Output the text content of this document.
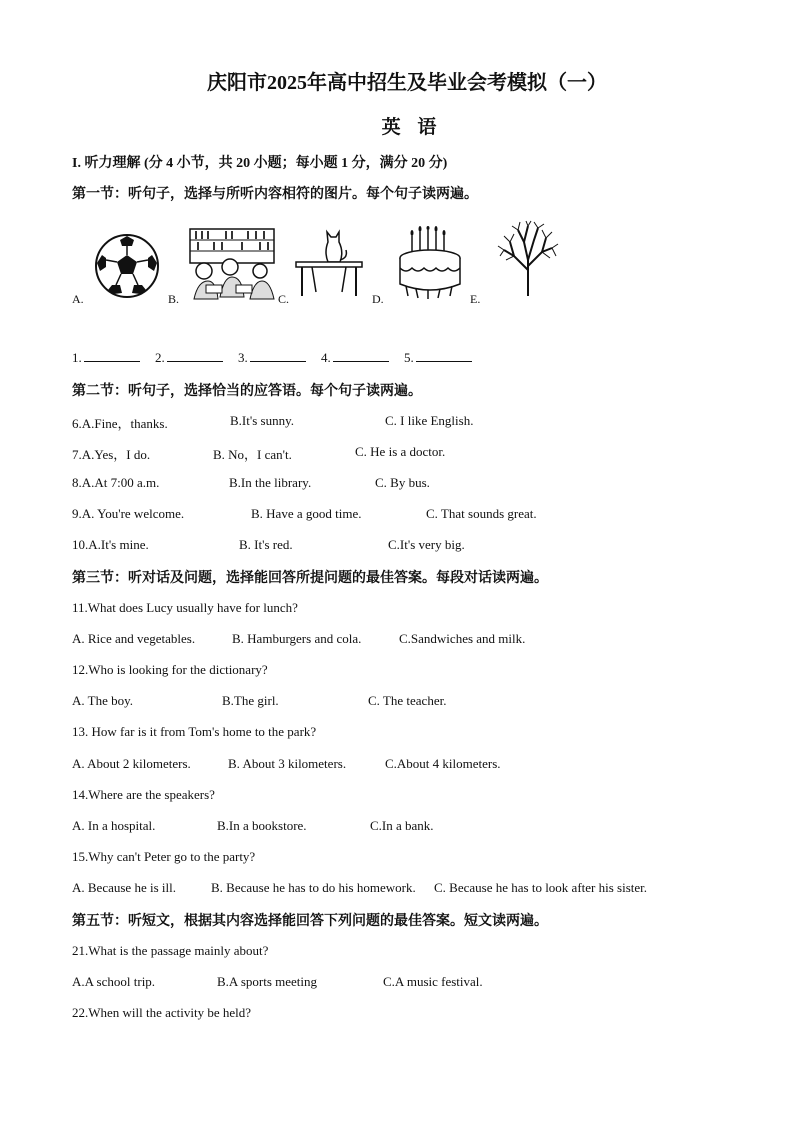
庆阳市2025年高中招生及毕业会考模拟（一）
英 语
I. 听力理解 (分 4 小节，共 20 小题；每小题 1 分，满分 20 分)
第一节：听句子，选择与所听内容相符的图片。每个句子读两遍。
A.	B.	C.	D.	E.
1.	2.	3.	4.	5.
第二节：听句子，选择恰当的应答语。每个句子读两遍。
6.A.Fine，thanks.	B.It's sunny.	C. I like English.
7.A.Yes，I do.	B. No，I can't.	C. He is a doctor.
8.A.At 7:00 a.m.	B.In the library.	C. By bus.
9.A. You're welcome.	B. Have a good time.	C. That sounds great.
10.A.It's mine.	B. It's red.	C.It's very big.
第三节：听对话及问题，选择能回答所提问题的最佳答案。每段对话读两遍。
11.What does Lucy usually have for lunch?
A. Rice and vegetables.	B. Hamburgers and cola.	C.Sandwiches and milk.
12.Who is looking for the dictionary?
A. The boy.	B.The girl.	C. The teacher.
13. How far is it from Tom's home to the park?
A. About 2 kilometers.	B. About 3 kilometers.	C.About 4 kilometers.
14.Where are the speakers?
A. In a hospital.	B.In a bookstore.	C.In a bank.
15.Why can't Peter go to the party?
A. Because he is ill.	B. Because he has to do his homework. C. Because he has to look after his sister.
第五节：听短文，根据其内容选择能回答下列问题的最佳答案。短文读两遍。
21.What is the passage mainly about?
A.A school trip.	B.A sports meeting	C.A music festival.
22.When will the activity be held?
